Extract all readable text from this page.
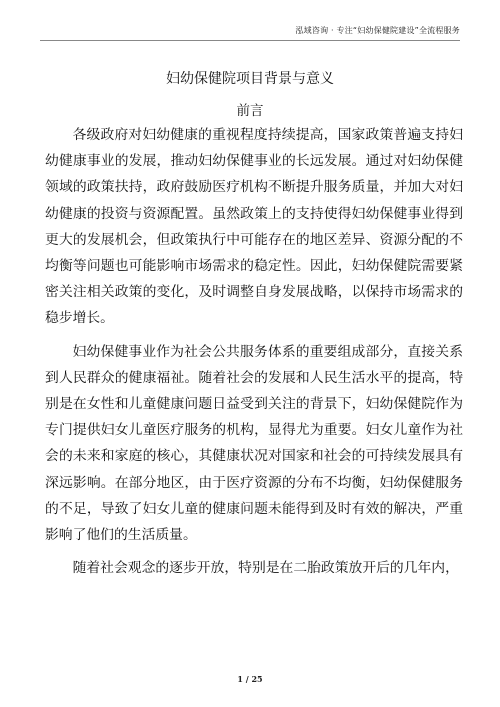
泓域咨询 · 专注“妇幼保健院建设”全流程服务
妇幼保健院项目背景与意义
前言

各级政府对妇幼健康的重视程度持续提高，国家政策普遍支持妇幼健康事业的发展，推动妇幼保健事业的长远发展。通过对妇幼保健领域的政策扶持，政府鼓励医疗机构不断提升服务质量，并加大对妇幼健康的投资与资源配置。虽然政策上的支持使得妇幼保健事业得到更大的发展机会，但政策执行中可能存在的地区差异、资源分配的不均衡等问题也可能影响市场需求的稳定性。因此，妇幼保健院需要紧密关注相关政策的变化，及时调整自身发展战略，以保持市场需求的稳步增长。

妇幼保健事业作为社会公共服务体系的重要组成部分，直接关系到人民群众的健康福祉。随着社会的发展和人民生活水平的提高，特别是在女性和儿童健康问题日益受到关注的背景下，妇幼保健院作为专门提供妇女儿童医疗服务的机构，显得尤为重要。妇女儿童作为社会的未来和家庭的核心，其健康状况对国家和社会的可持续发展具有深远影响。在部分地区，由于医疗资源的分布不均衡，妇幼保健服务的不足，导致了妇女儿童的健康问题未能得到及时有效的解决，严重影响了他们的生活质量。

随着社会观念的逐步开放，特别是在二胎政策放开后的几年内，

1 / 25
